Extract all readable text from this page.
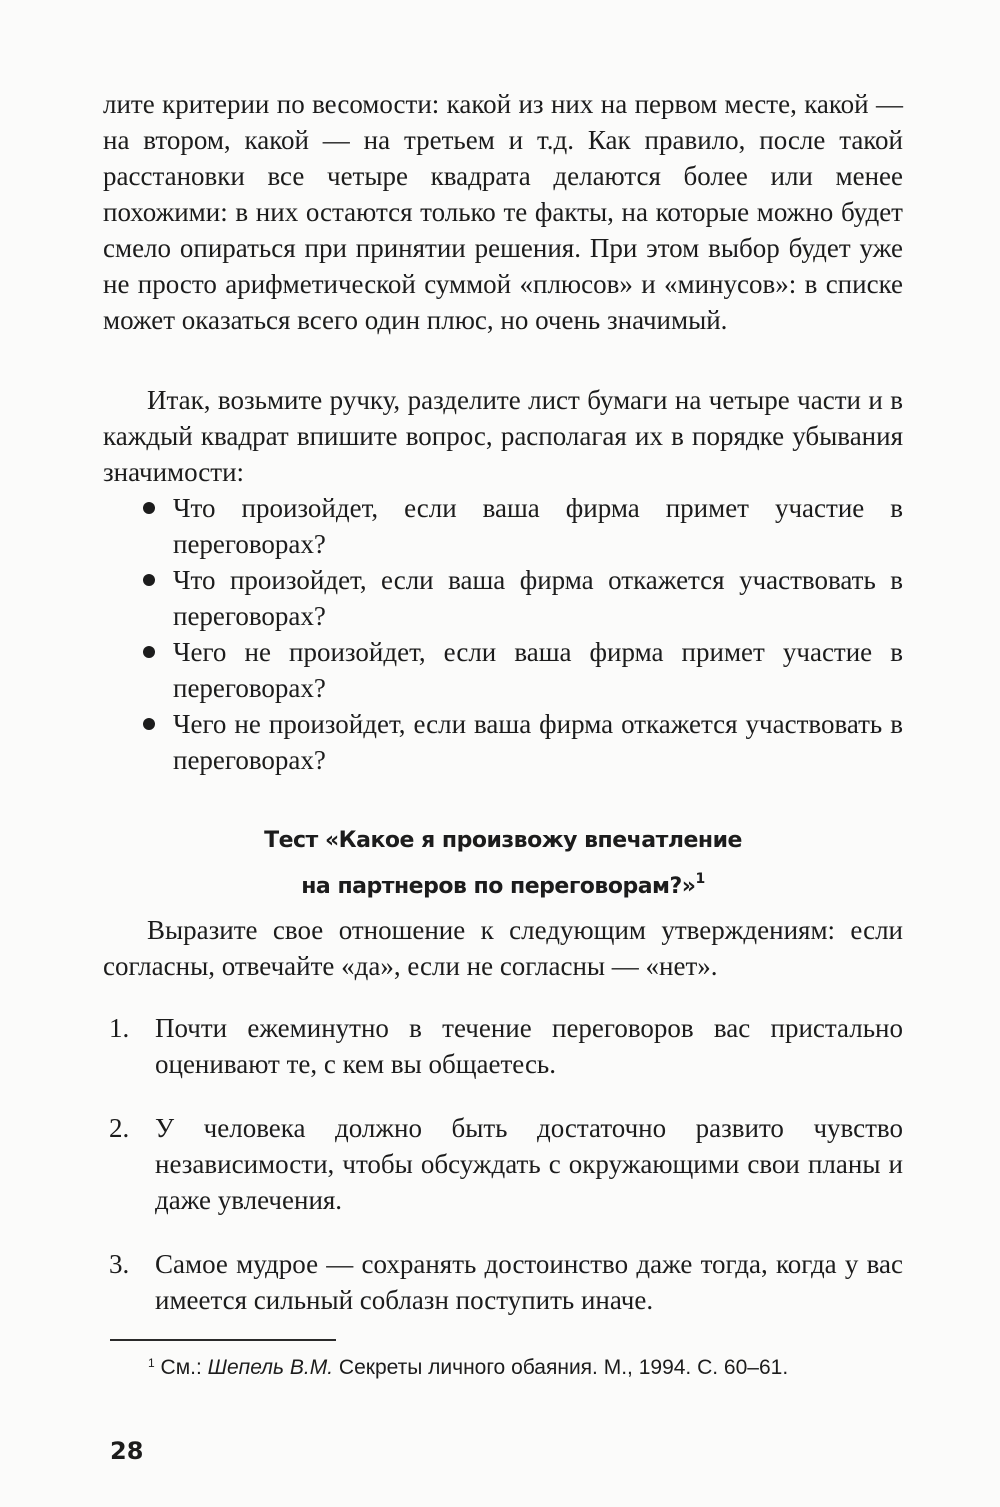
лите критерии по весомости: какой из них на первом месте, какой — на втором, какой — на третьем и т.д. Как правило, после такой расстановки все четыре квадрата делаются более или менее похожими: в них остаются только те факты, на которые можно будет смело опираться при принятии решения. При этом выбор будет уже не просто арифметической суммой «плюсов» и «минусов»: в списке может оказаться всего один плюс, но очень значимый.

Итак, возьмите ручку, разделите лист бумаги на четыре части и в каждый квадрат впишите вопрос, располагая их в порядке убывания значимости:

Что произойдет, если ваша фирма примет участие в переговорах?
Что произойдет, если ваша фирма откажется участвовать в переговорах?
Чего не произойдет, если ваша фирма примет участие в переговорах?
Чего не произойдет, если ваша фирма откажется участвовать в переговорах?
Тест «Какое я произвожу впечатление
на партнеров по переговорам?»$^1$
Выразите свое отношение к следующим утверждениям: если согласны, отвечайте «да», если не согласны — «нет».
1. Почти ежеминутно в течение переговоров вас пристально оценивают те, с кем вы общаетесь.
2. У человека должно быть достаточно развито чувство независимости, чтобы обсуждать с окружающими свои планы и даже увлечения.
3. Самое мудрое — сохранять достоинство даже тогда, когда у вас имеется сильный соблазн поступить иначе.
$^1$ См.: Шепель В.М. Секреты личного обаяния. М., 1994. С. 60–61.
28
